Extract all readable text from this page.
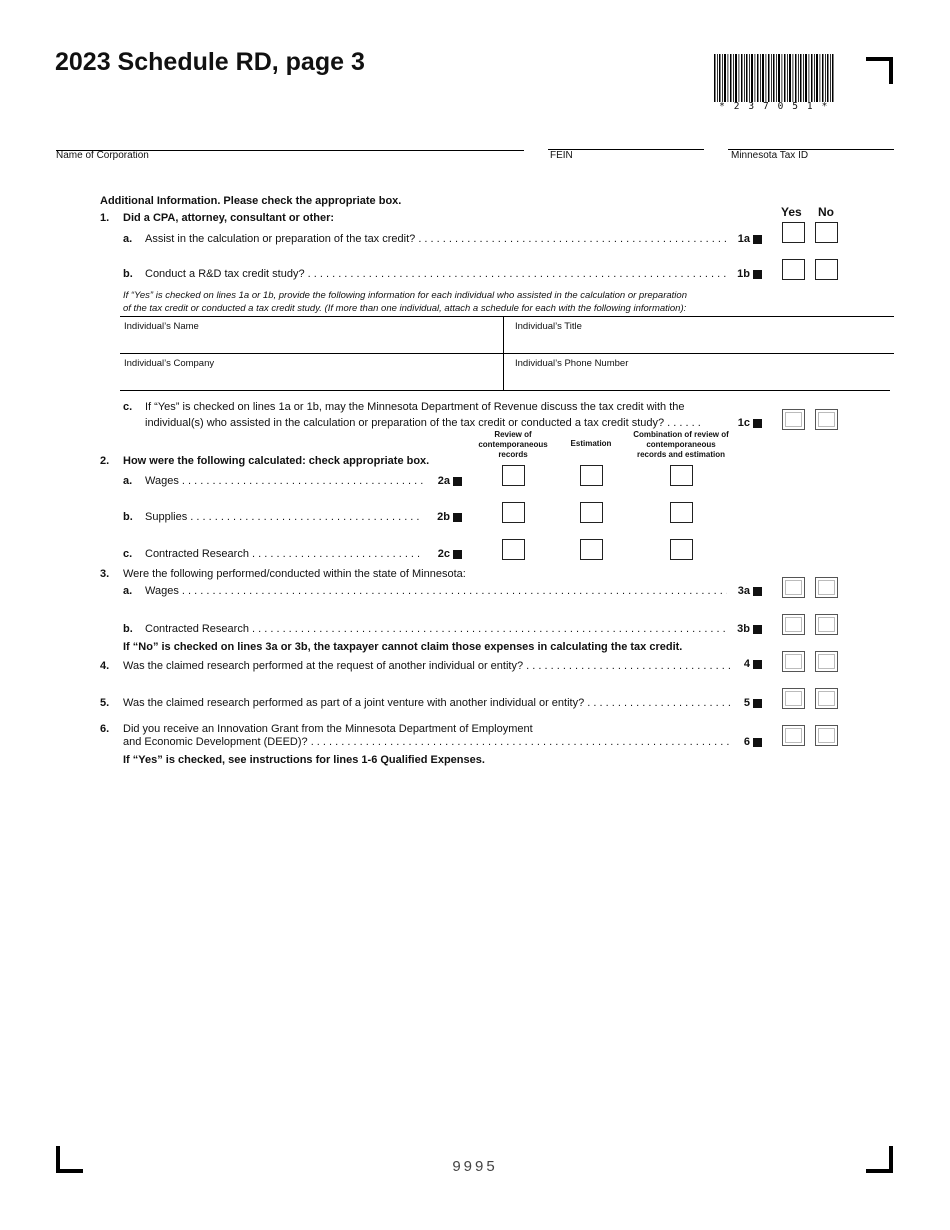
2023 Schedule RD, page 3
* 2 3 7 0 5 1 *
Name of Corporation	FEIN	Minnesota Tax ID
Additional Information. Please check the appropriate box.
Yes No
1. Did a CPA, attorney, consultant or other:
a. Assist in the calculation or preparation of the tax credit? . . .	1a
b. Conduct a R&D tax credit study? . . .	1b
If “Yes” is checked on lines 1a or 1b, provide the following information for each individual who assisted in the calculation or preparation
of the tax credit or conducted a tax credit study. (If more than one individual, attach a schedule for each with the following information):
Individual’s Name	Individual’s Title
Individual’s Company	Individual’s Phone Number
c. If “Yes” is checked on lines 1a or 1b, may the Minnesota Department of Revenue discuss the tax credit with the
individual(s) who assisted in the calculation or preparation of the tax credit or conducted a tax credit study? . . . . . .	1c
Review of
contemporaneous
records
Estimation
Combination of review of
contemporaneous
records and estimation
2. How were the following calculated: check appropriate box.
a. Wages . . .	2a
b. Supplies . . .	2b
c. Contracted Research . . .	2c
3. Were the following performed/conducted within the state of Minnesota:
a. Wages . . .	3a
b. Contracted Research . . .	3b
If “No” is checked on lines 3a or 3b, the taxpayer cannot claim those expenses in calculating the tax credit.
4. Was the claimed research performed at the request of another individual or entity? . . .	4
5. Was the claimed research performed as part of a joint venture with another individual or entity? . . .	5
6. Did you receive an Innovation Grant from the Minnesota Department of Employment
and Economic Development (DEED)? . . .	6
If “Yes” is checked, see instructions for lines 1-6 Qualified Expenses.
9995
